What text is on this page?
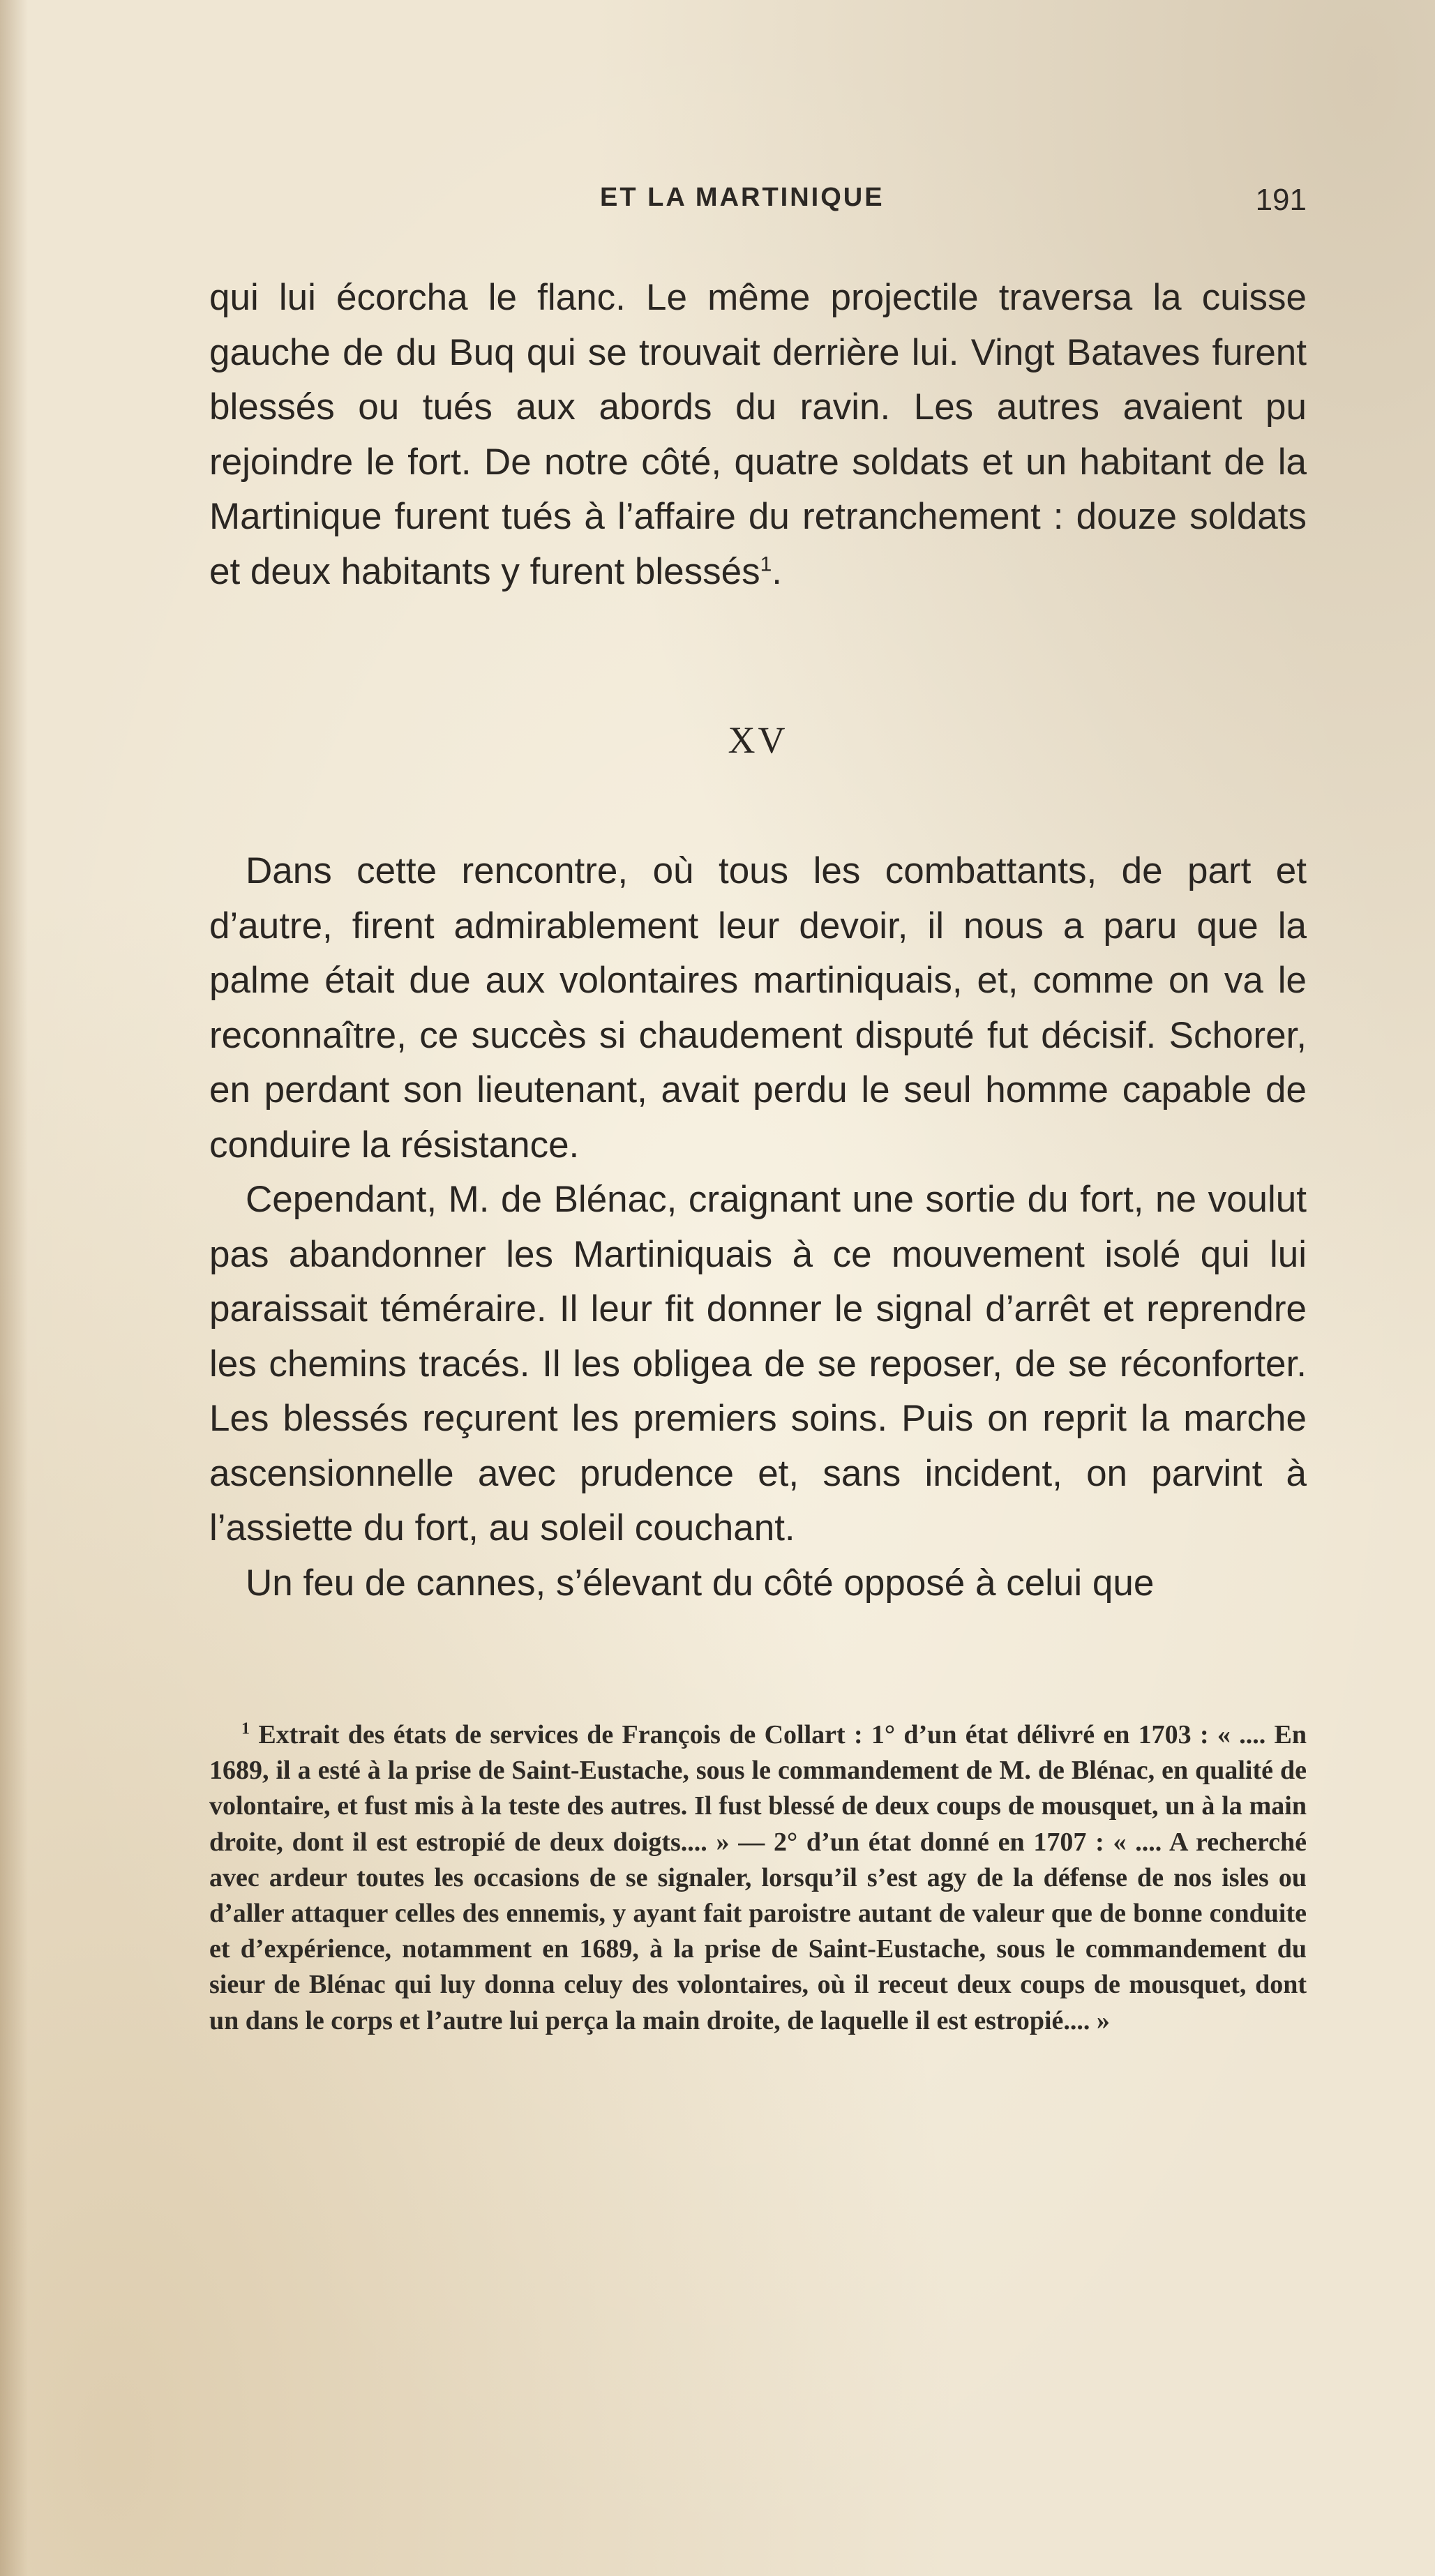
ET LA MARTINIQUE	191

qui lui écorcha le flanc. Le même projectile traversa la cuisse gauche de du Buq qui se trouvait derrière lui. Vingt Bataves furent blessés ou tués aux abords du ravin. Les autres avaient pu rejoindre le fort. De notre côté, quatre soldats et un habitant de la Martinique furent tués à l’affaire du retranchement : douze soldats et deux habitants y furent blessés$^1$.

XV

Dans cette rencontre, où tous les combattants, de part et d’autre, firent admirablement leur devoir, il nous a paru que la palme était due aux volontaires martiniquais, et, comme on va le reconnaître, ce succès si chaudement disputé fut décisif. Schorer, en perdant son lieutenant, avait perdu le seul homme capable de conduire la résistance.

Cependant, M. de Blénac, craignant une sortie du fort, ne voulut pas abandonner les Martiniquais à ce mouvement isolé qui lui paraissait téméraire. Il leur fit donner le signal d’arrêt et reprendre les chemins tracés. Il les obligea de se reposer, de se réconforter. Les blessés reçurent les premiers soins. Puis on reprit la marche ascensionnelle avec prudence et, sans incident, on parvint à l’assiette du fort, au soleil couchant.

Un feu de cannes, s’élevant du côté opposé à celui que

$^1$ Extrait des états de services de François de Collart : 1° d’un état délivré en 1703 : « .... En 1689, il a esté à la prise de Saint-Eustache, sous le commandement de M. de Blénac, en qualité de volontaire, et fust mis à la teste des autres. Il fust blessé de deux coups de mousquet, un à la main droite, dont il est estropié de deux doigts.... » — 2° d’un état donné en 1707 : « .... A recherché avec ardeur toutes les occasions de se signaler, lorsqu’il s’est agy de la défense de nos isles ou d’aller attaquer celles des ennemis, y ayant fait paroistre autant de valeur que de bonne conduite et d’expérience, notamment en 1689, à la prise de Saint-Eustache, sous le commandement du sieur de Blénac qui luy donna celuy des volontaires, où il receut deux coups de mousquet, dont un dans le corps et l’autre lui perça la main droite, de laquelle il est estropié.... »
